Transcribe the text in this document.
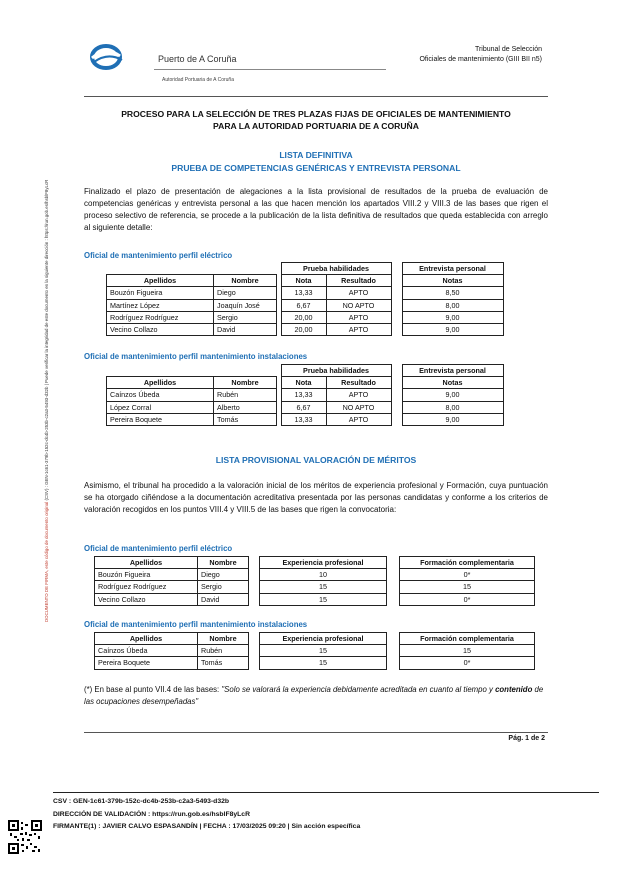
Puerto de A Coruña
Autoridad Portuaria de A Coruña
Tribunal de Selección
Oficiales de mantenimiento (GIII BII n5)
PROCESO PARA LA SELECCIÓN DE TRES PLAZAS FIJAS DE OFICIALES DE MANTENIMIENTO
PARA LA AUTORIDAD PORTUARIA DE A CORUÑA
LISTA DEFINITIVA
PRUEBA DE COMPETENCIAS GENÉRICAS Y ENTREVISTA PERSONAL
Finalizado el plazo de presentación de alegaciones a la lista provisional de resultados de la prueba de evaluación de competencias genéricas y entrevista personal a las que hacen mención los apartados VIII.2 y VIII.3 de las bases que rigen el proceso selectivo de referencia, se procede a la publicación de la lista definitiva de resultados que queda establecida con arreglo al siguiente detalle:
Oficial de mantenimiento perfil eléctrico
			Prueba habilidades			Entrevista personal
Apellidos	Nombre		Nota	Resultado		Notas
Bouzón Figueira	Diego		13,33	APTO		8,50
Martínez López	Joaquín José		6,67	NO APTO		8,00
Rodríguez Rodríguez	Sergio		20,00	APTO		9,00
Vecino Collazo	David		20,00	APTO		9,00
Oficial de mantenimiento perfil mantenimiento instalaciones
			Prueba habilidades			Entrevista personal
Apellidos	Nombre		Nota	Resultado		Notas
Caínzos Úbeda	Rubén		13,33	APTO		9,00
López Corral	Alberto		6,67	NO APTO		8,00
Pereira Boquete	Tomás		13,33	APTO		9,00
LISTA PROVISIONAL VALORACIÓN DE MÉRITOS
Asimismo, el tribunal ha procedido a la valoración inicial de los méritos de experiencia profesional y Formación, cuya puntuación se ha otorgado ciñéndose a la documentación acreditativa presentada por las personas candidatas y conforme a los criterios de valoración recogidos en los puntos VIII.4 y VIII.5 de las bases que rigen la convocatoria:
Oficial de mantenimiento perfil eléctrico
Apellidos	Nombre		Experiencia profesional		Formación complementaria
Bouzón Figueira	Diego		10		0*
Rodríguez Rodríguez	Sergio		15		15
Vecino Collazo	David		15		0*
Oficial de mantenimiento perfil mantenimiento instalaciones
Apellidos	Nombre		Experiencia profesional		Formación complementaria
Caínzos Úbeda	Rubén		15		15
Pereira Boquete	Tomás		15		0*
(*) En base al punto VII.4 de las bases: "Solo se valorará la experiencia debidamente acreditada en cuanto al tiempo y contenido de las ocupaciones desempeñadas"
Pág. 1 de 2
CSV : GEN-1c61-379b-152c-dc4b-253b-c2a3-5493-d32b
DIRECCIÓN DE VALIDACIÓN : https://run.gob.es/hsblF8yLcR
FIRMANTE(1) : JAVIER CALVO ESPASANDÍN | FECHA : 17/03/2025 09:20 | Sin acción específica
DOCUMENTO DE FIRMA, este código de documento original (CSV) : GEN-1c61-379b-152c-dc4b-253b-c2a3-5493-d32b | Puede verificar la integridad de este documento en la siguiente dirección : https://run.gob.es/hsblF8yLcR
